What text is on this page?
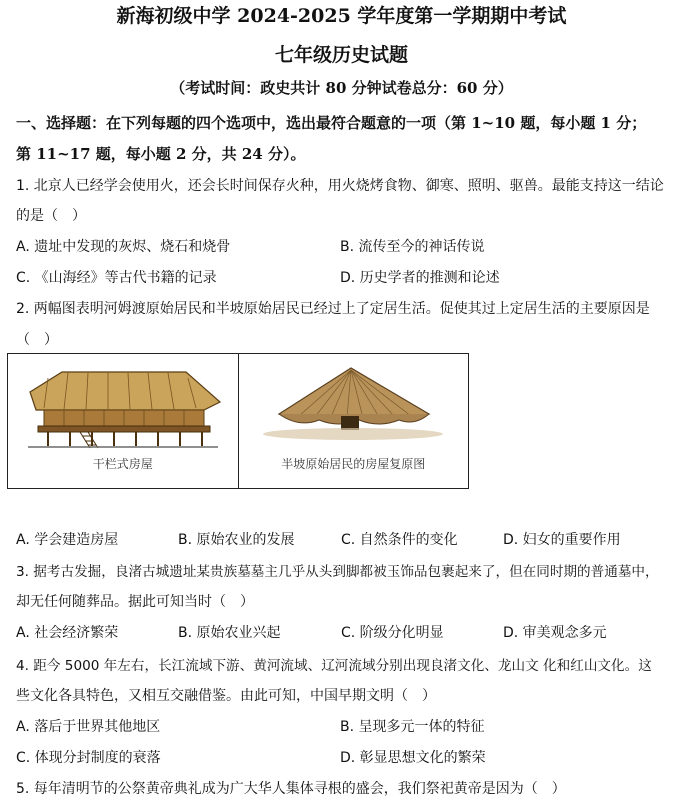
新海初级中学 2024-2025 学年度第一学期期中考试
七年级历史试题
（考试时间：政史共计 80 分钟试卷总分：60 分）
一、选择题：在下列每题的四个选项中，选出最符合题意的一项（第 1~10 题，每小题 1 分；
第 11~17 题，每小题 2 分，共 24 分）。
1. 北京人已经学会使用火，还会长时间保存火种，用火烧烤食物、御寒、照明、驱兽。最能支持这一结论
的是（　）
A. 遗址中发现的灰烬、烧石和烧骨	B. 流传至今的神话传说
C. 《山海经》等古代书籍的记录	D. 历史学者的推测和论述
2. 两幅图表明河姆渡原始居民和半坡原始居民已经过上了定居生活。促使其过上定居生活的主要原因是
（　）
干栏式房屋	半坡原始居民的房屋复原图
A. 学会建造房屋	B. 原始农业的发展	C. 自然条件的变化	D. 妇女的重要作用
3. 据考古发掘，良渚古城遗址某贵族墓墓主几乎从头到脚都被玉饰品包裹起来了，但在同时期的普通墓中，
却无任何随葬品。据此可知当时（　）
A. 社会经济繁荣	B. 原始农业兴起	C. 阶级分化明显	D. 审美观念多元
4. 距今 5000 年左右，长江流域下游、黄河流域、辽河流域分别出现良渚文化、龙山文 化和红山文化。这
些文化各具特色，又相互交融借鉴。由此可知，中国早期文明（　）
A. 落后于世界其他地区	B. 呈现多元一体的特征
C. 体现分封制度的衰落	D. 彰显思想文化的繁荣
5. 每年清明节的公祭黄帝典礼成为广大华人集体寻根的盛会，我们祭祀黄帝是因为（　）
